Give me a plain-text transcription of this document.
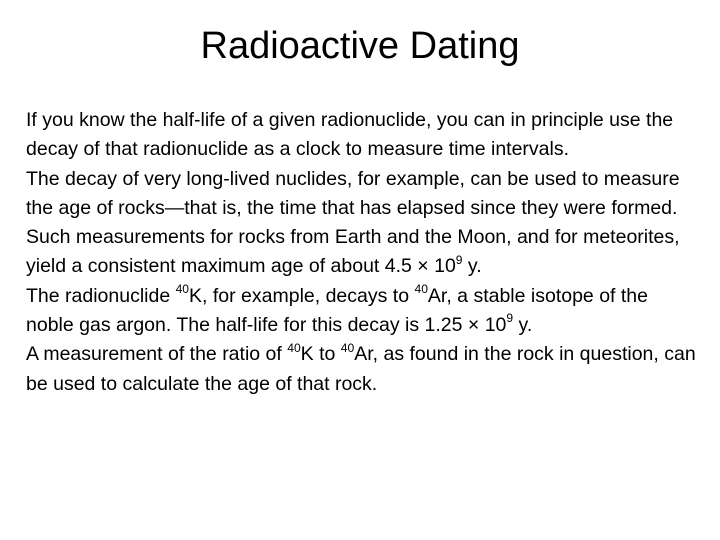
Radioactive Dating

If you know the half-life of a given radionuclide, you can in principle use the decay of that radionuclide as a clock to measure time intervals.

The decay of very long-lived nuclides, for example, can be used to measure the age of rocks—that is, the time that has elapsed since they were formed.

Such measurements for rocks from Earth and the Moon, and for meteorites, yield a consistent maximum age of about $4.5 \times 10^9$ y.

The radionuclide $^{40}$K, for example, decays to $^{40}$Ar, a stable isotope of the noble gas argon. The half-life for this decay is $1.25 \times 10^9$ y.

A measurement of the ratio of $^{40}$K to $^{40}$Ar, as found in the rock in question, can be used to calculate the age of that rock.
